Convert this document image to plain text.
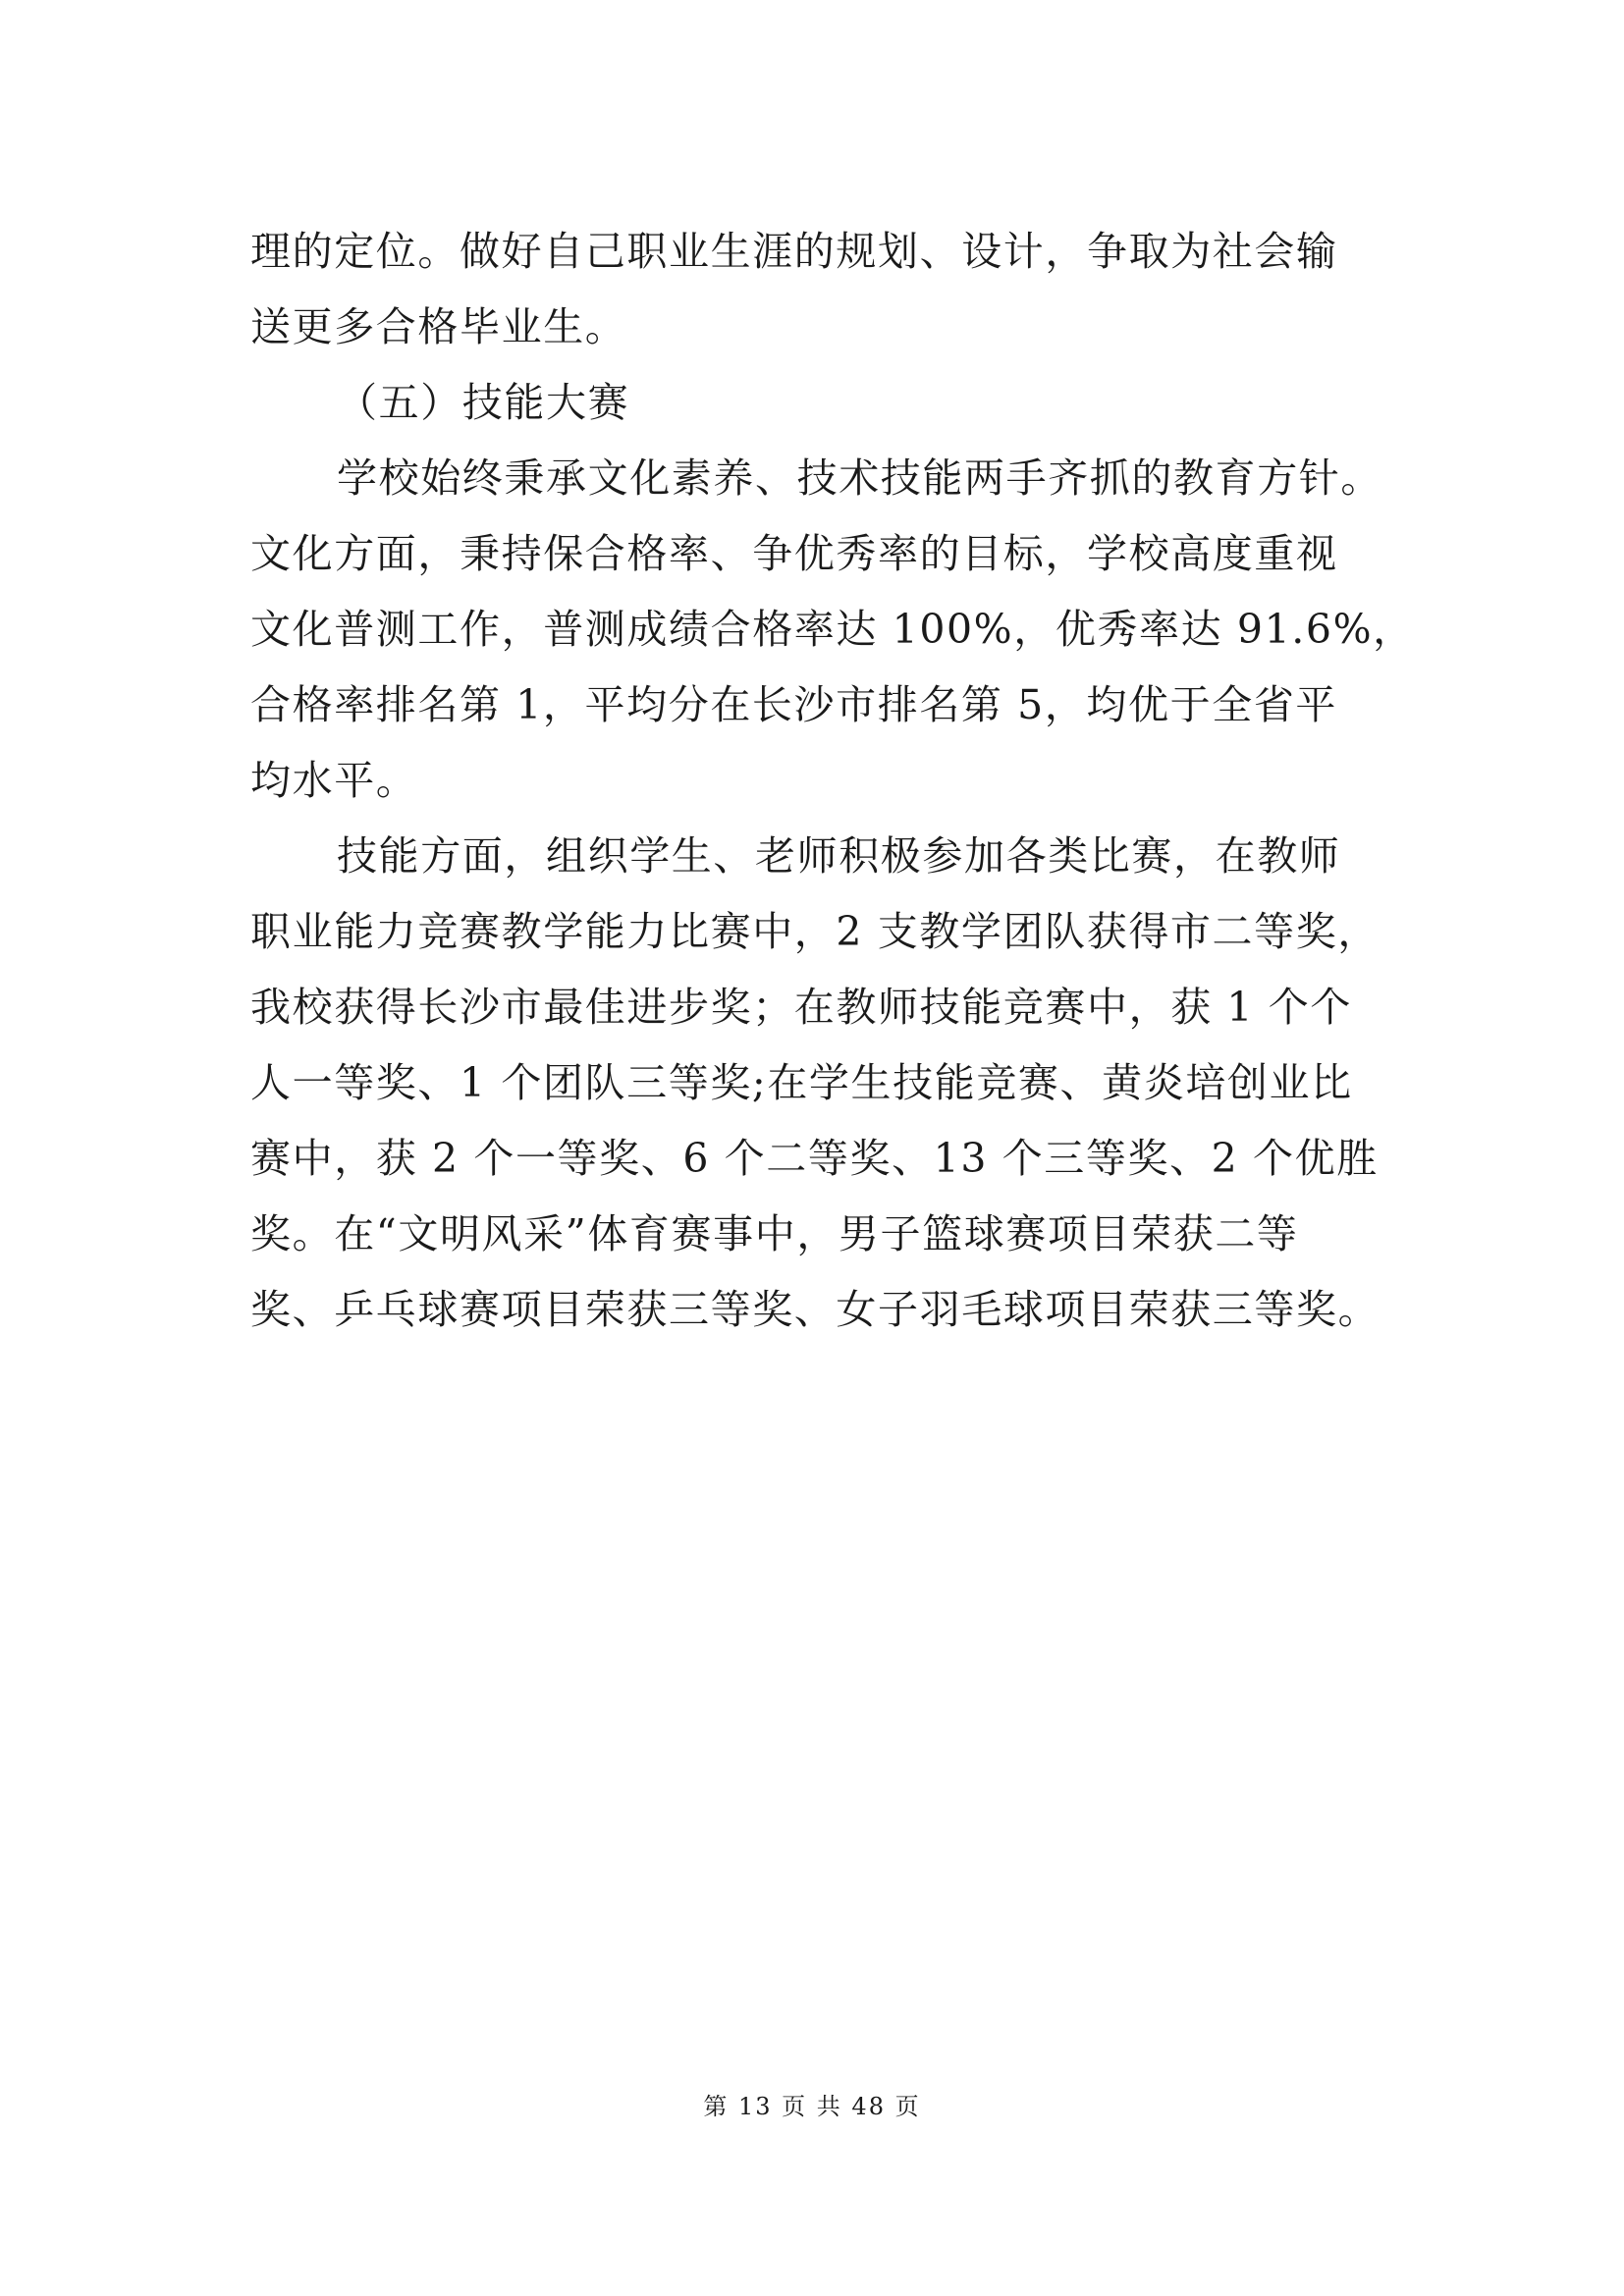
理的定位。做好自己职业生涯的规划、设计，争取为社会输
送更多合格毕业生。
（五）技能大赛
学校始终秉承文化素养、技术技能两手齐抓的教育方针。
文化方面，秉持保合格率、争优秀率的目标，学校高度重视
文化普测工作，普测成绩合格率达 100%，优秀率达 91.6%，
合格率排名第 1，平均分在长沙市排名第 5，均优于全省平
均水平。
技能方面，组织学生、老师积极参加各类比赛，在教师
职业能力竞赛教学能力比赛中，2 支教学团队获得市二等奖，
我校获得长沙市最佳进步奖；在教师技能竞赛中，获 1 个个
人一等奖、1 个团队三等奖;在学生技能竞赛、黄炎培创业比
赛中，获 2 个一等奖、6 个二等奖、13 个三等奖、2 个优胜
奖。在“文明风采”体育赛事中，男子篮球赛项目荣获二等
奖、乒乓球赛项目荣获三等奖、女子羽毛球项目荣获三等奖。
第 13 页 共 48 页
